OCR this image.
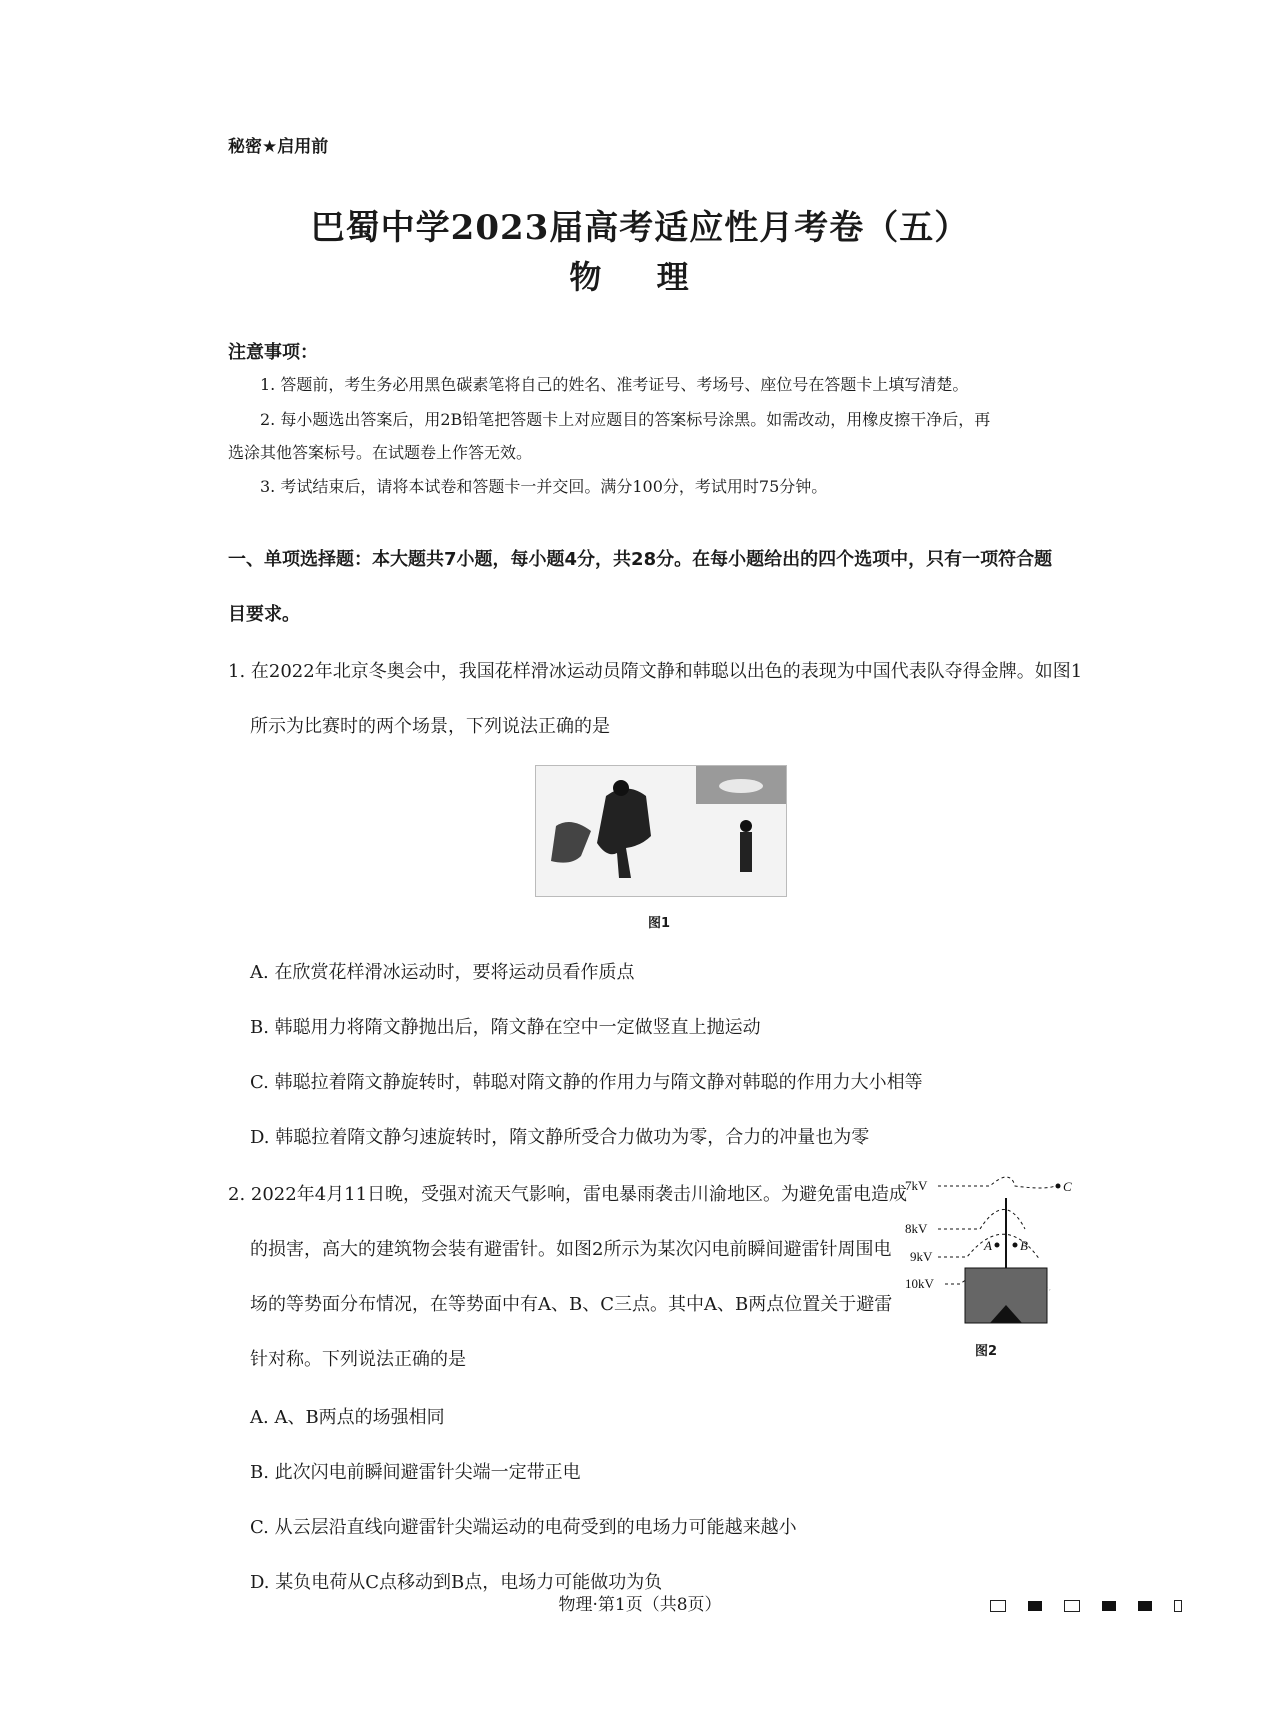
秘密★启用前
巴蜀中学2023届高考适应性月考卷（五）
物 理
注意事项：
1. 答题前，考生务必用黑色碳素笔将自己的姓名、准考证号、考场号、座位号在答题卡上填写清楚。
2. 每小题选出答案后，用2B铅笔把答题卡上对应题目的答案标号涂黑。如需改动，用橡皮擦干净后，再
选涂其他答案标号。在试题卷上作答无效。
3. 考试结束后，请将本试卷和答题卡一并交回。满分100分，考试用时75分钟。
一、单项选择题：本大题共7小题，每小题4分，共28分。在每小题给出的四个选项中，只有一项符合题
目要求。
1. 在2022年北京冬奥会中，我国花样滑冰运动员隋文静和韩聪以出色的表现为中国代表队夺得金牌。如图1
所示为比赛时的两个场景，下列说法正确的是
图1
A. 在欣赏花样滑冰运动时，要将运动员看作质点
B. 韩聪用力将隋文静抛出后，隋文静在空中一定做竖直上抛运动
C. 韩聪拉着隋文静旋转时，韩聪对隋文静的作用力与隋文静对韩聪的作用力大小相等
D. 韩聪拉着隋文静匀速旋转时，隋文静所受合力做功为零，合力的冲量也为零
2. 2022年4月11日晚，受强对流天气影响，雷电暴雨袭击川渝地区。为避免雷电造成
的损害，高大的建筑物会装有避雷针。如图2所示为某次闪电前瞬间避雷针周围电
场的等势面分布情况，在等势面中有A、B、C三点。其中A、B两点位置关于避雷
针对称。下列说法正确的是
7kV
8kV
9kV
10kV
C
A B
图2
A. A、B两点的场强相同
B. 此次闪电前瞬间避雷针尖端一定带正电
C. 从云层沿直线向避雷针尖端运动的电荷受到的电场力可能越来越小
D. 某负电荷从C点移动到B点，电场力可能做功为负
物理·第1页（共8页）
